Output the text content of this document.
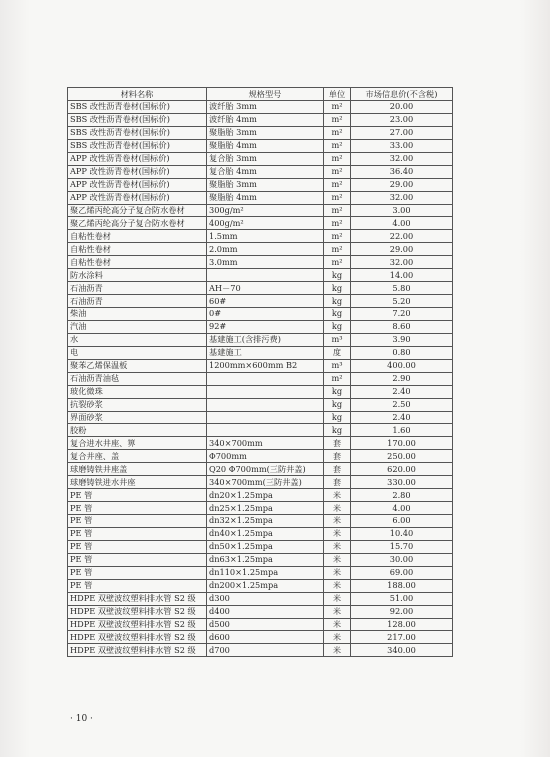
材料名称	规格型号	单位	市场信息价(不含税)
SBS 改性沥青卷材(国标价)	波纤胎 3mm	m²	20.00
SBS 改性沥青卷材(国标价)	波纤胎 4mm	m²	23.00
SBS 改性沥青卷材(国标价)	聚脂胎 3mm	m²	27.00
SBS 改性沥青卷材(国标价)	聚脂胎 4mm	m²	33.00
APP 改性沥青卷材(国标价)	复合胎 3mm	m²	32.00
APP 改性沥青卷材(国标价)	复合胎 4mm	m²	36.40
APP 改性沥青卷材(国标价)	聚脂胎 3mm	m²	29.00
APP 改性沥青卷材(国标价)	聚脂胎 4mm	m²	32.00
聚乙烯丙纶高分子复合防水卷材	300g/m²	m²	3.00
聚乙烯丙纶高分子复合防水卷材	400g/m²	m²	4.00
自粘性卷材	1.5mm	m²	22.00
自粘性卷材	2.0mm	m²	29.00
自粘性卷材	3.0mm	m²	32.00
防水涂料		kg	14.00
石油沥青	AH－70	kg	5.80
石油沥青	60#	kg	5.20
柴油	0#	kg	7.20
汽油	92#	kg	8.60
水	基建施工(含排污费)	m³	3.90
电	基建施工	度	0.80
聚苯乙烯保温板	1200mm×600mm B2	m³	400.00
石油沥青油毡		m²	2.90
玻化微珠		kg	2.40
抗裂砂浆		kg	2.50
界面砂浆		kg	2.40
胶粉		kg	1.60
复合进水井座、箅	340×700mm	套	170.00
复合井座、盖	Φ700mm	套	250.00
球磨铸铁井座盖	Q20 Φ700mm(三防井盖)	套	620.00
球磨铸铁进水井座	340×700mm(三防井盖)	套	330.00
PE 管	dn20×1.25mpa	米	2.80
PE 管	dn25×1.25mpa	米	4.00
PE 管	dn32×1.25mpa	米	6.00
PE 管	dn40×1.25mpa	米	10.40
PE 管	dn50×1.25mpa	米	15.70
PE 管	dn63×1.25mpa	米	30.00
PE 管	dn110×1.25mpa	米	69.00
PE 管	dn200×1.25mpa	米	188.00
HDPE 双壁波纹塑料排水管 S2 级	d300	米	51.00
HDPE 双壁波纹塑料排水管 S2 级	d400	米	92.00
HDPE 双壁波纹塑料排水管 S2 级	d500	米	128.00
HDPE 双壁波纹塑料排水管 S2 级	d600	米	217.00
HDPE 双壁波纹塑料排水管 S2 级	d700	米	340.00
· 10 ·
